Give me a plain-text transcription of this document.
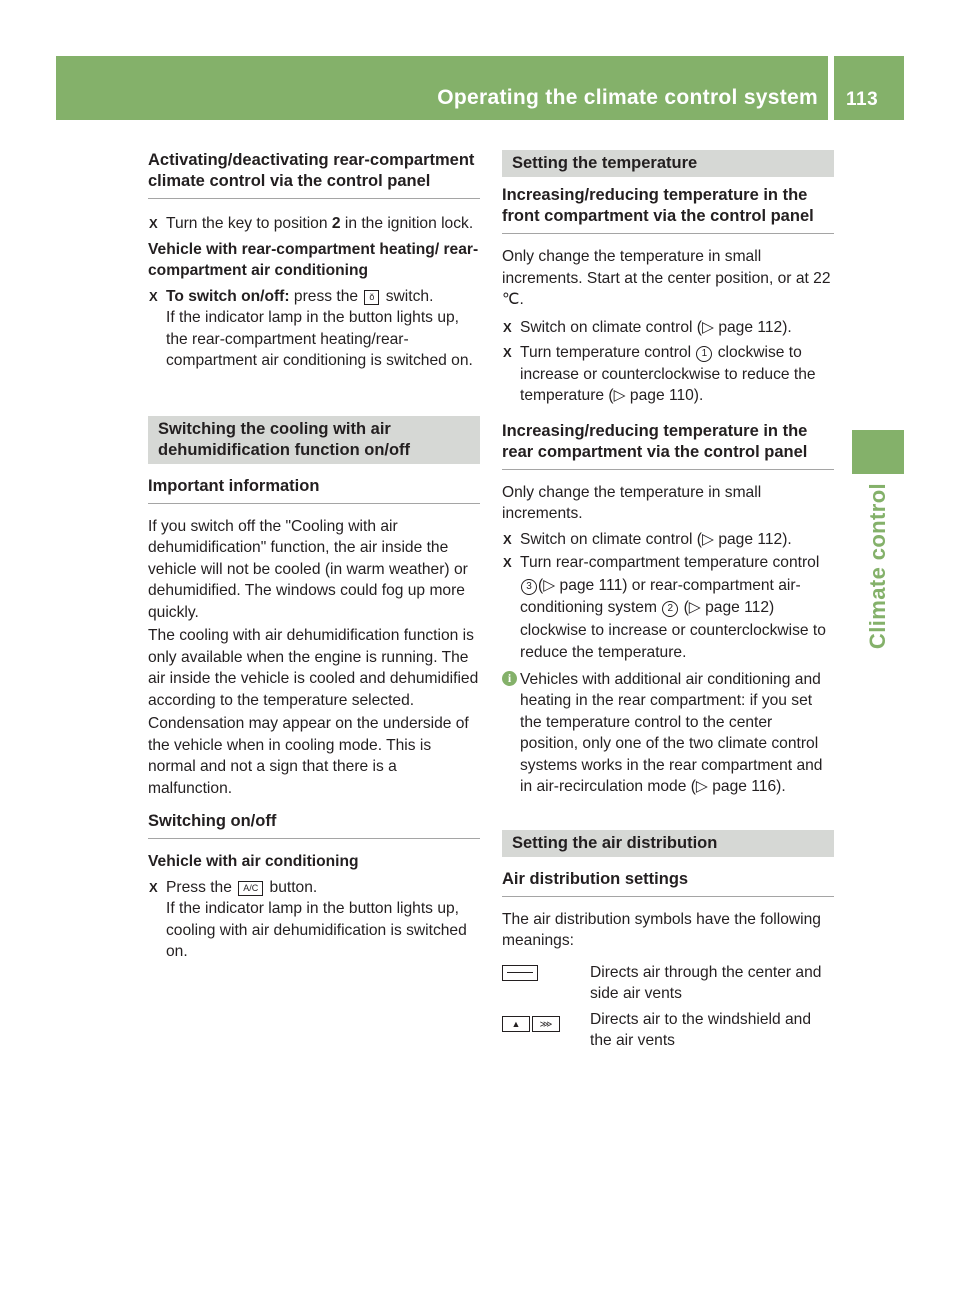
Operating the climate control system 113
Climate control
Activating/deactivating rear-compartment climate control via the control panel

X Turn the key to position 2 in the ignition lock.

Vehicle with rear-compartment heating/ rear-compartment air conditioning
X To switch on/off: press the ŏ switch.
If the indicator lamp in the button lights up, the rear-compartment heating/rear-compartment air conditioning is switched on.
Switching the cooling with air dehumidification function on/off
Important information

If you switch off the "Cooling with air dehumidification" function, the air inside the vehicle will not be cooled (in warm weather) or dehumidified. The windows could fog up more quickly.

The cooling with air dehumidification function is only available when the engine is running. The air inside the vehicle is cooled and dehumidified according to the temperature selected.

Condensation may appear on the underside of the vehicle when in cooling mode. This is normal and not a sign that there is a malfunction.

Switching on/off
Vehicle with air conditioning
X Press the A/C button.
If the indicator lamp in the button lights up, cooling with air dehumidification is switched on.
Setting the temperature
Increasing/reducing temperature in the front compartment via the control panel

Only change the temperature in small increments. Start at the center position, or at 22 ℃.

X Switch on climate control (▷ page 112).

X Turn temperature control 1 clockwise to increase or counterclockwise to reduce the temperature (▷ page 110).

Increasing/reducing temperature in the rear compartment via the control panel

Only change the temperature in small increments.

X Switch on climate control (▷ page 112).

X Turn rear-compartment temperature control 3 (▷ page 111) or rear-compartment air-conditioning system 2 (▷ page 112) clockwise to increase or counterclockwise to reduce the temperature.

i Vehicles with additional air conditioning and heating in the rear compartment: if you set the temperature control to the center position, only one of the two climate control systems works in the rear compartment and in air-recirculation mode (▷ page 116).
Setting the air distribution
Air distribution settings

The air distribution symbols have the following meanings:

Directs air through the center and side air vents
▲ ⋙	Directs air to the windshield and the air vents
